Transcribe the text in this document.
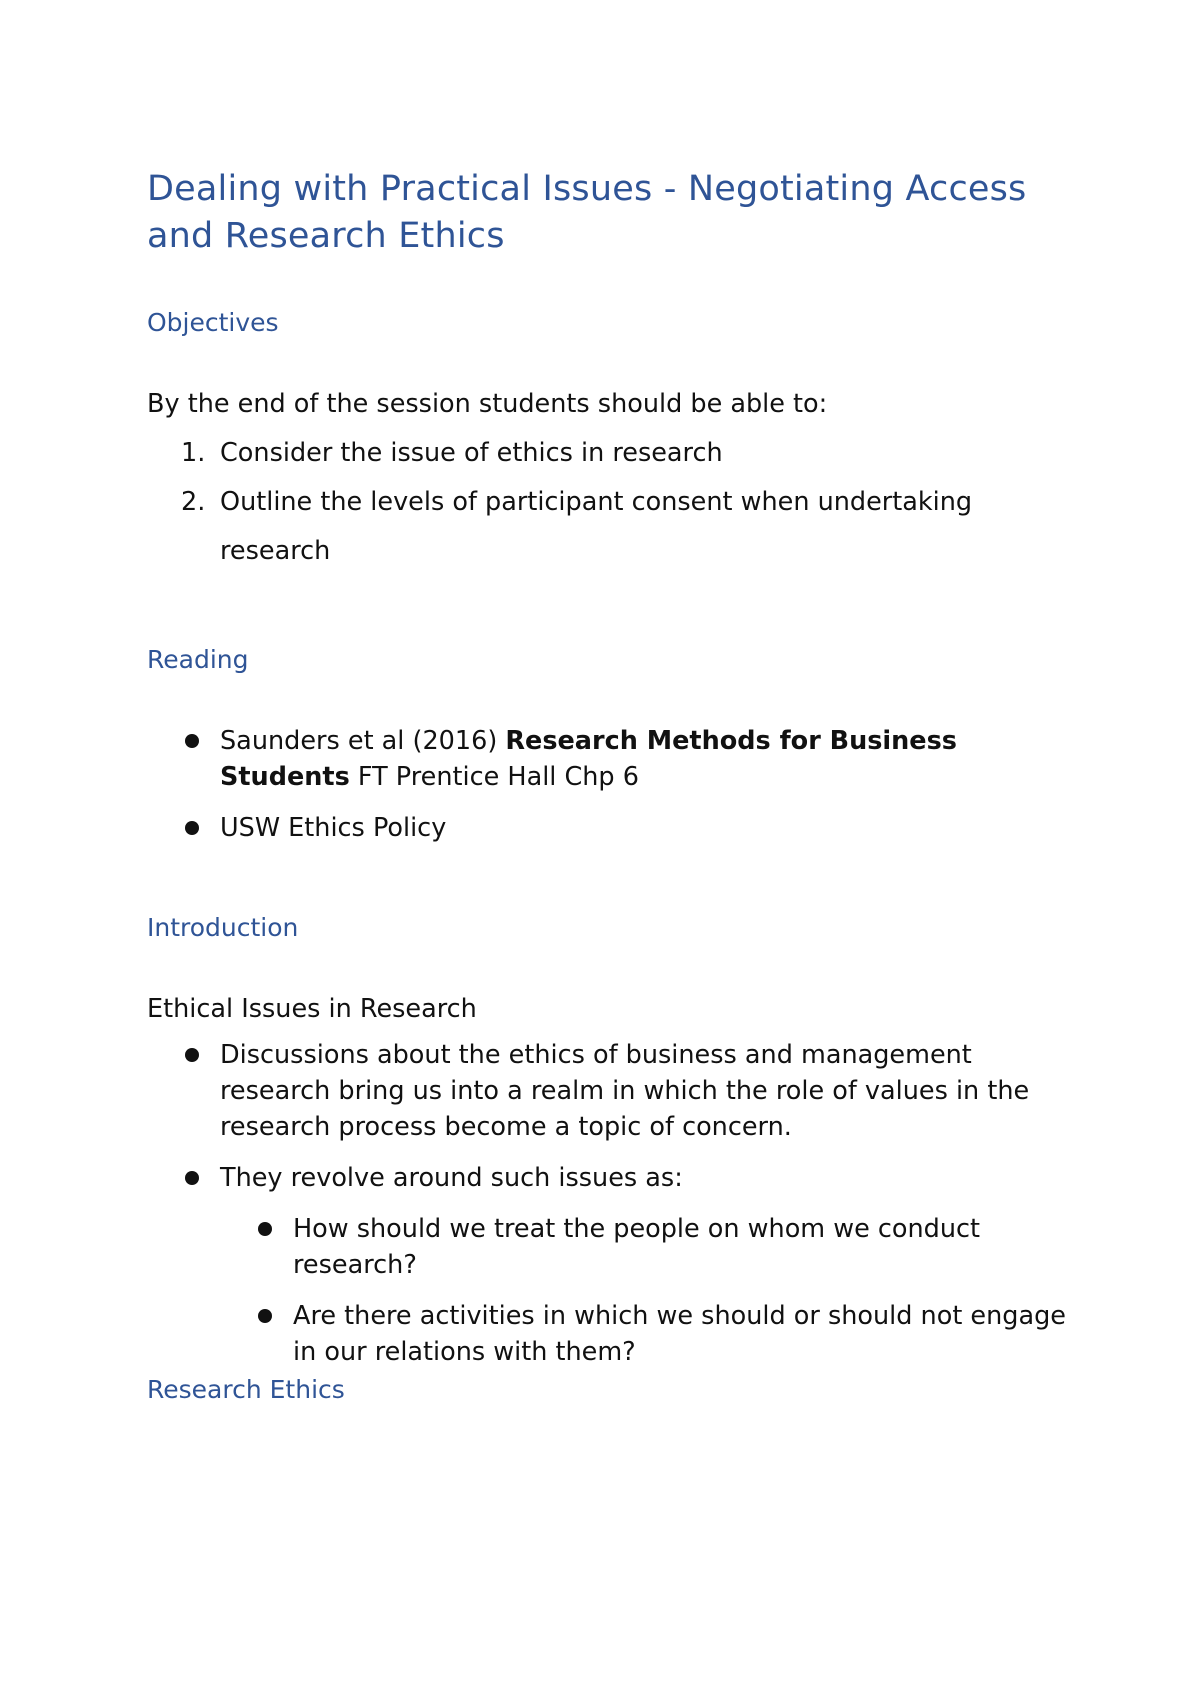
Dealing with Practical Issues - Negotiating Access and Research Ethics
Objectives

By the end of the session students should be able to:

1. Consider the issue of ethics in research
2. Outline the levels of participant consent when undertaking research
Reading
Saunders et al (2016) Research Methods for Business Students FT Prentice Hall Chp 6
USW Ethics Policy
Introduction

Ethical Issues in Research

Discussions about the ethics of business and management research bring us into a realm in which the role of values in the research process become a topic of concern.
They revolve around such issues as:
How should we treat the people on whom we conduct research?
Are there activities in which we should or should not engage in our relations with them?
Research Ethics
